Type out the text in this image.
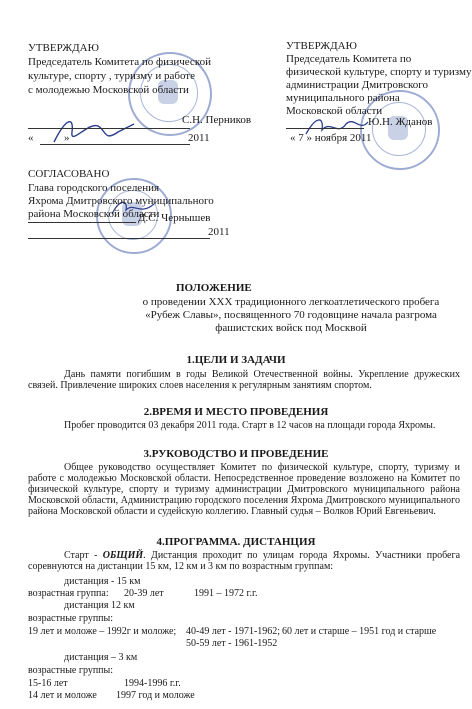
УТВЕРЖДАЮ
Председатель Комитета по физической
культуре, спорту , туризму и работе
с молодежью Московской области
С.Н. Перников
«	»	2011
УТВЕРЖДАЮ
Председатель Комитета по
физической культуре, спорту и туризму
администрации Дмитровского
муниципального района
Московской области
Ю.Н. Жданов
« 7 » ноября 2011
СОГЛАСОВАНО
Глава городского поселения
Яхрома Дмитровского муниципального
района Московской области
Д.С. Чернышев
2011
ПОЛОЖЕНИЕ
о проведении XXX традиционного легкоатлетического пробега
«Рубеж Славы», посвященного 70 годовщине начала разгрома
фашистских войск под Москвой
1.ЦЕЛИ И ЗАДАЧИ
Дань памяти погибшим в годы Великой Отечественной войны. Укрепление дружеских связей. Привлечение широких слоев населения к регулярным занятиям спортом.
2.ВРЕМЯ И МЕСТО ПРОВЕДЕНИЯ
Пробег проводится 03 декабря 2011 года. Старт в 12 часов на площади города Яхромы.
3.РУКОВОДСТВО И ПРОВЕДЕНИЕ
Общее руководство осуществляет Комитет по физической культуре, спорту, туризму и работе с молодежью Московской области. Непосредственное проведение возложено на Комитет по физической культуре, спорту и туризму администрации Дмитровского муниципального района Московской области, Администрацию городского поселения Яхрома Дмитровского муниципального района Московской области и судейскую коллегию. Главный судья – Волков Юрий Евгеньевич.
4.ПРОГРАММА. ДИСТАНЦИЯ
Старт - ОБЩИЙ. Дистанция проходит по улицам города Яхромы. Участники пробега соревнуются на дистанции 15 км, 12 км и 3 км по возрастным группам:
дистанция - 15 км
возрастная группа: 20-39 лет	1991 – 1972 г.г.
дистанция 12 км
возрастные группы:
19 лет и моложе – 1992г и моложе; 40-49 лет - 1971-1962; 60 лет и старше – 1951 год и старше
50-59 лет - 1961-1952
дистанция – 3 км
возрастные группы:
15-16 лет	1994-1996 г.г.
14 лет и моложе 1997 год и моложе
